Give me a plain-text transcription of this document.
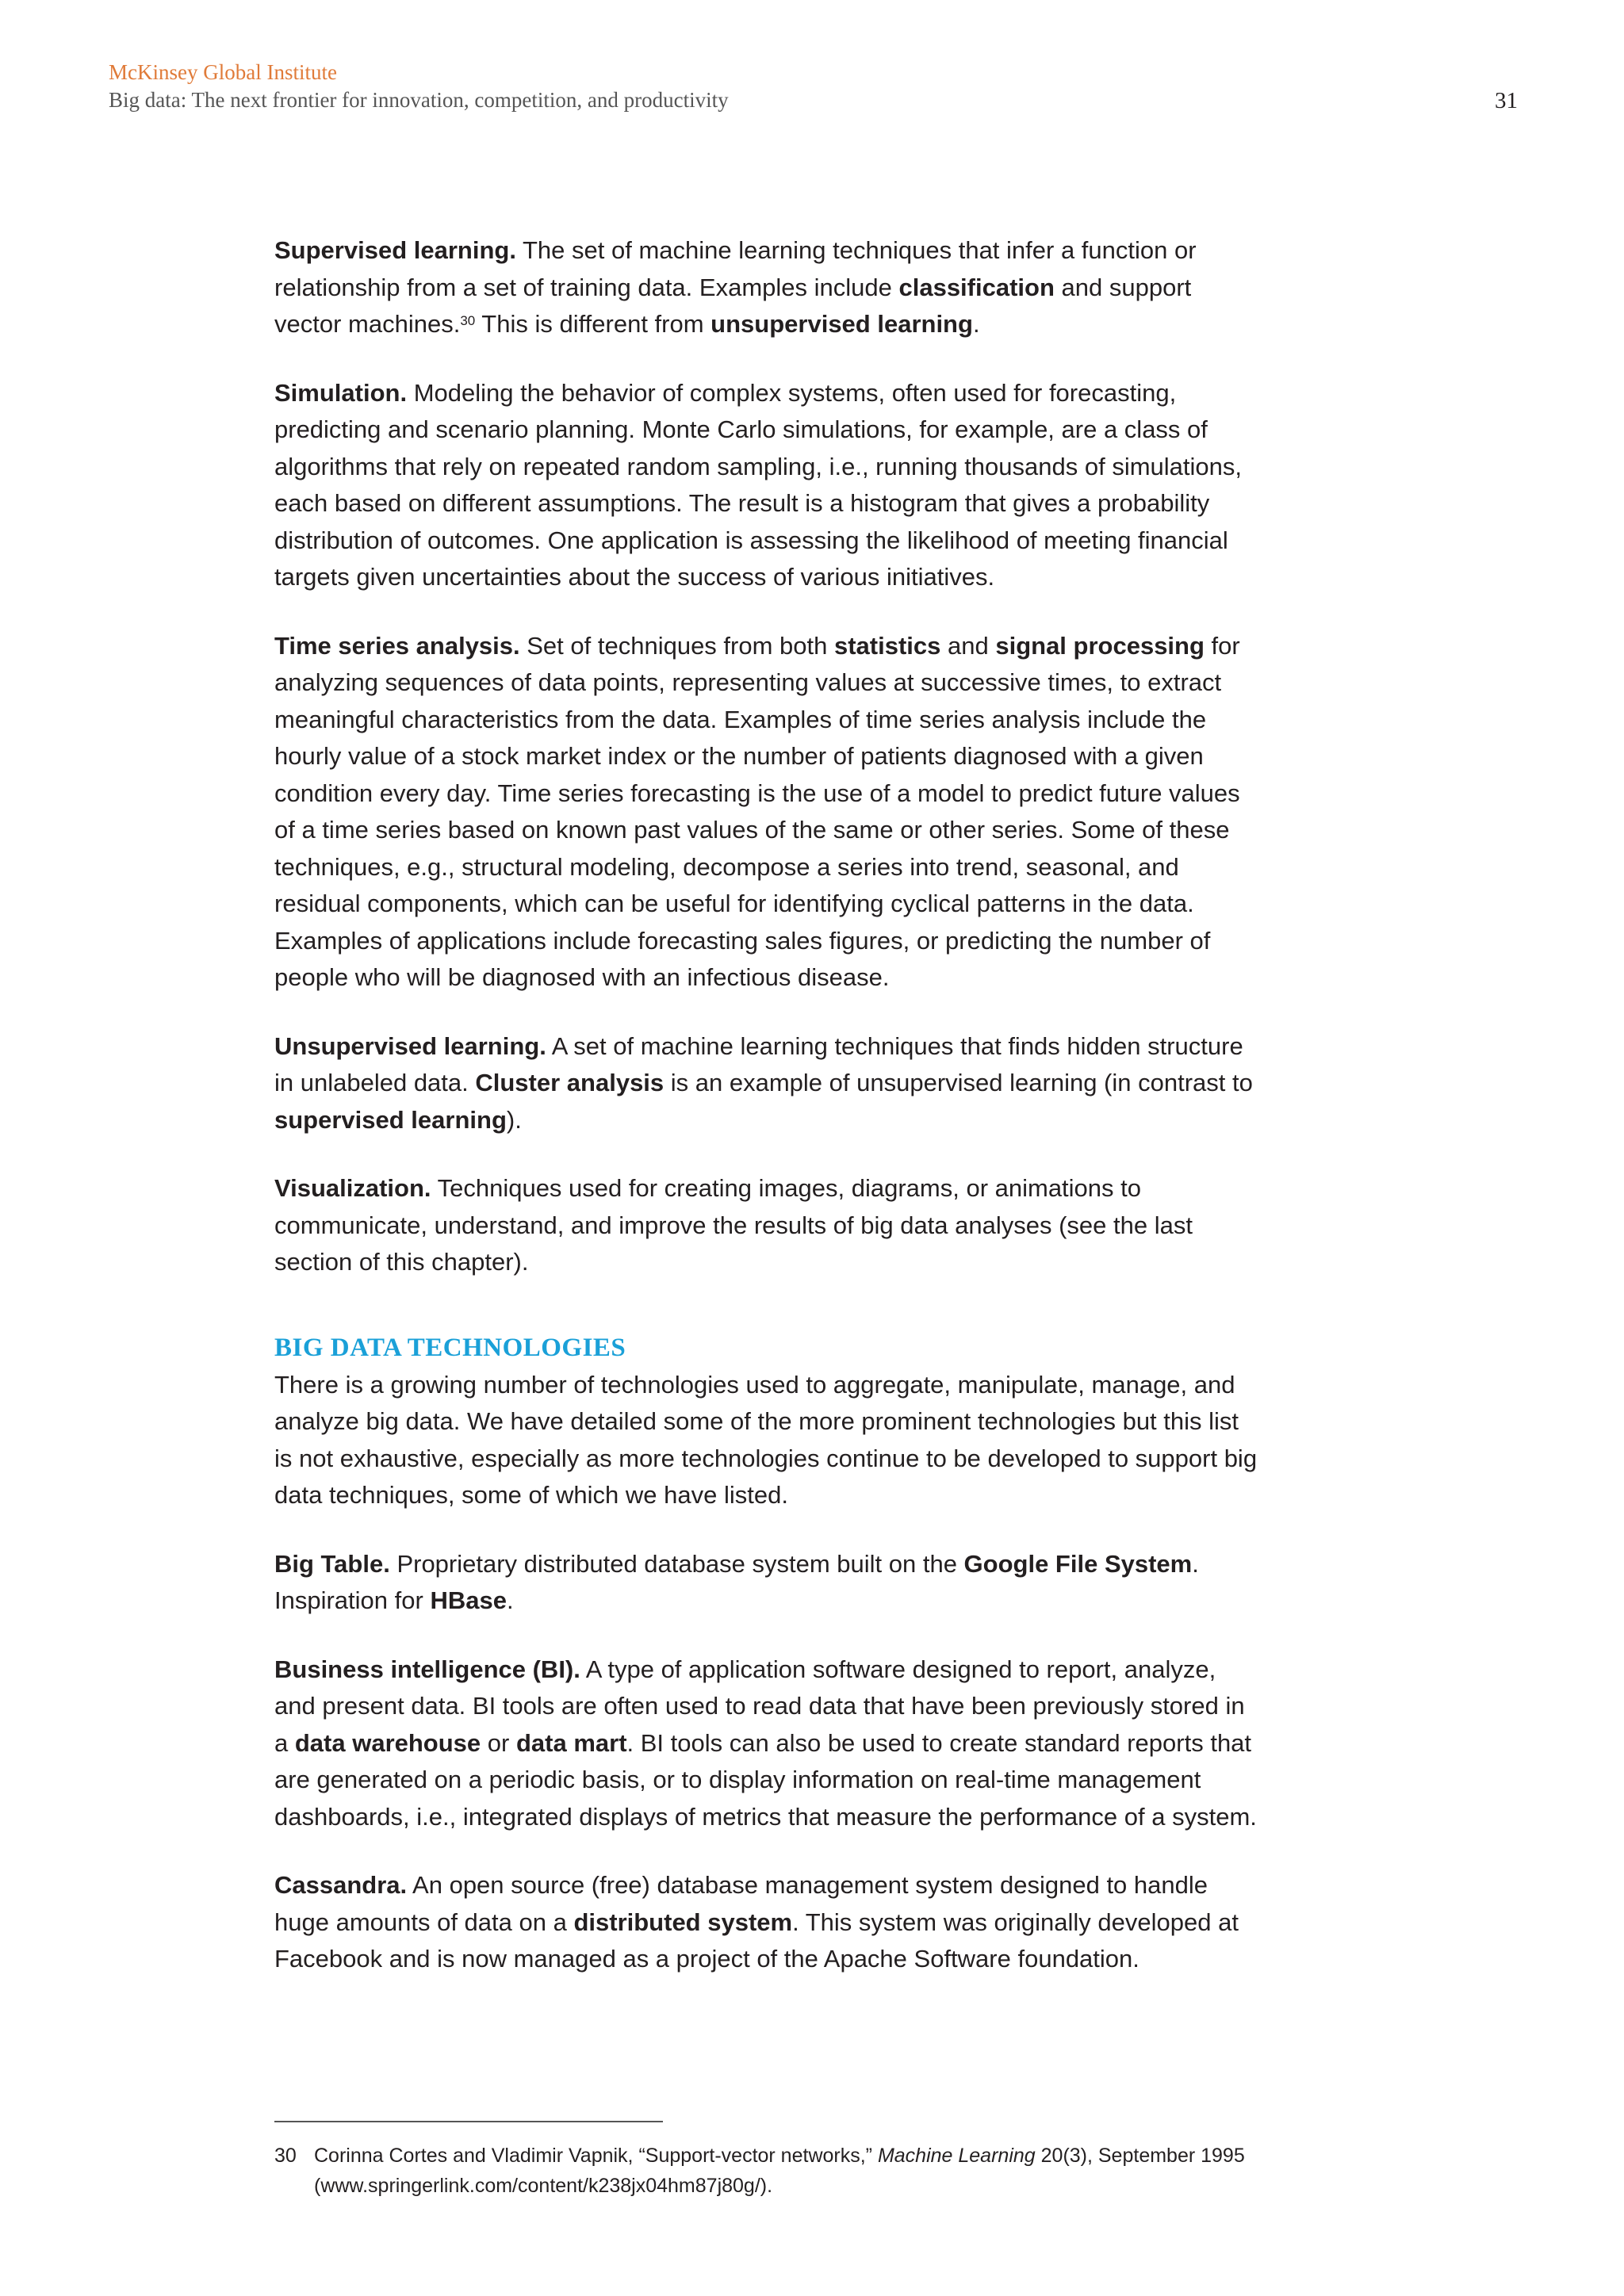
McKinsey Global Institute
Big data: The next frontier for innovation, competition, and productivity	31

Supervised learning. The set of machine learning techniques that infer a function or relationship from a set of training data. Examples include classification and support vector machines.$^{30}$ This is different from unsupervised learning.

Simulation. Modeling the behavior of complex systems, often used for forecasting, predicting and scenario planning. Monte Carlo simulations, for example, are a class of algorithms that rely on repeated random sampling, i.e., running thousands of simulations, each based on different assumptions. The result is a histogram that gives a probability distribution of outcomes. One application is assessing the likelihood of meeting financial targets given uncertainties about the success of various initiatives.

Time series analysis. Set of techniques from both statistics and signal processing for analyzing sequences of data points, representing values at successive times, to extract meaningful characteristics from the data. Examples of time series analysis include the hourly value of a stock market index or the number of patients diagnosed with a given condition every day. Time series forecasting is the use of a model to predict future values of a time series based on known past values of the same or other series. Some of these techniques, e.g., structural modeling, decompose a series into trend, seasonal, and residual components, which can be useful for identifying cyclical patterns in the data. Examples of applications include forecasting sales figures, or predicting the number of people who will be diagnosed with an infectious disease.

Unsupervised learning. A set of machine learning techniques that finds hidden structure in unlabeled data. Cluster analysis is an example of unsupervised learning (in contrast to supervised learning).

Visualization. Techniques used for creating images, diagrams, or animations to communicate, understand, and improve the results of big data analyses (see the last section of this chapter).

BIG DATA TECHNOLOGIES

There is a growing number of technologies used to aggregate, manipulate, manage, and analyze big data. We have detailed some of the more prominent technologies but this list is not exhaustive, especially as more technologies continue to be developed to support big data techniques, some of which we have listed.

Big Table. Proprietary distributed database system built on the Google File System. Inspiration for HBase.

Business intelligence (BI). A type of application software designed to report, analyze, and present data. BI tools are often used to read data that have been previously stored in a data warehouse or data mart. BI tools can also be used to create standard reports that are generated on a periodic basis, or to display information on real-time management dashboards, i.e., integrated displays of metrics that measure the performance of a system.

Cassandra. An open source (free) database management system designed to handle huge amounts of data on a distributed system. This system was originally developed at Facebook and is now managed as a project of the Apache Software foundation.

30 Corinna Cortes and Vladimir Vapnik, “Support-vector networks,” Machine Learning 20(3), September 1995 (www.springerlink.com/content/k238jx04hm87j80g/).
